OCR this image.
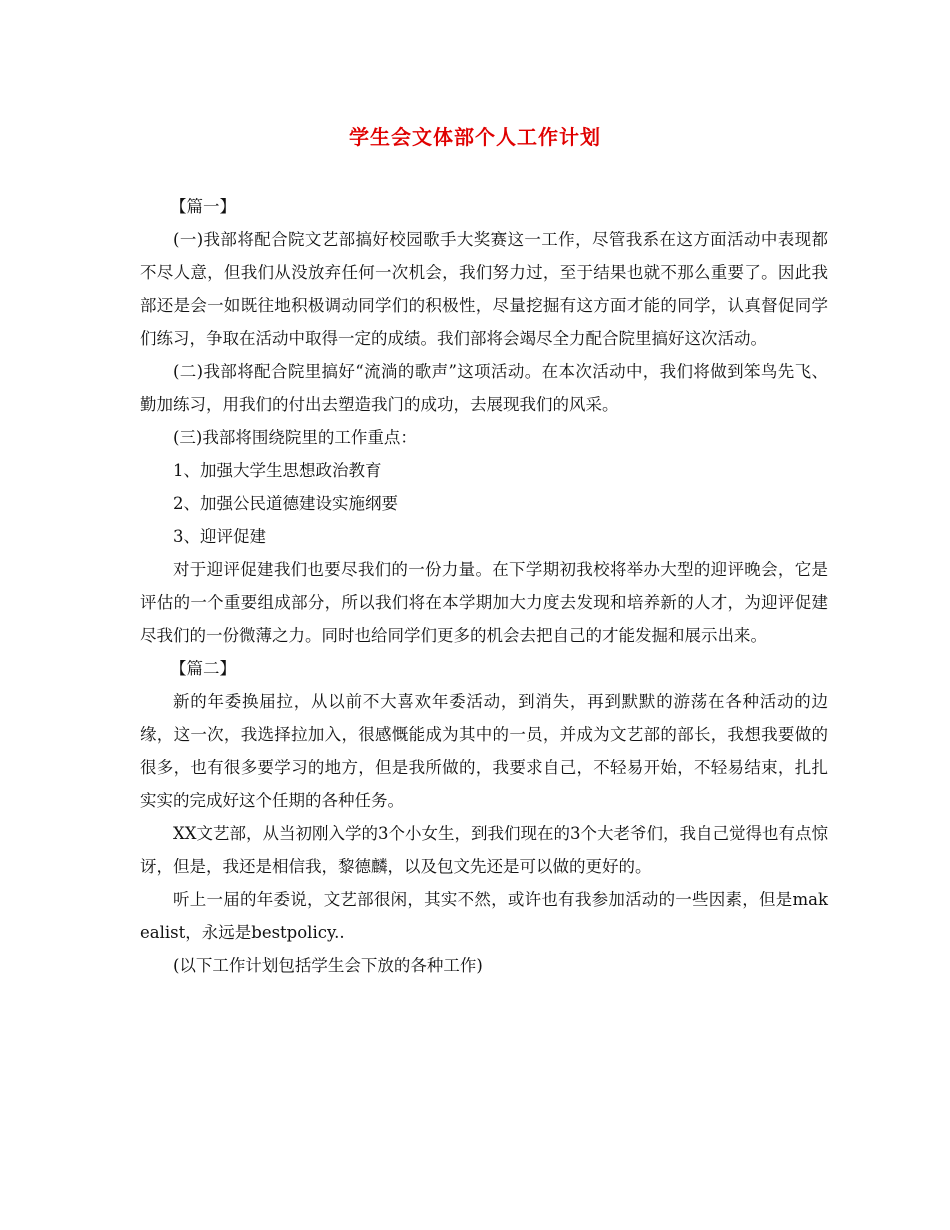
学生会文体部个人工作计划

【篇一】

(一)我部将配合院文艺部搞好校园歌手大奖赛这一工作，尽管我系在这方面活动中表现都不尽人意，但我们从没放弃任何一次机会，我们努力过，至于结果也就不那么重要了。因此我部还是会一如既往地积极调动同学们的积极性，尽量挖掘有这方面才能的同学，认真督促同学们练习，争取在活动中取得一定的成绩。我们部将会竭尽全力配合院里搞好这次活动。

(二)我部将配合院里搞好“流淌的歌声”这项活动。在本次活动中，我们将做到笨鸟先飞、勤加练习，用我们的付出去塑造我门的成功，去展现我们的风采。

(三)我部将围绕院里的工作重点：

1、加强大学生思想政治教育

2、加强公民道德建设实施纲要

3、迎评促建

对于迎评促建我们也要尽我们的一份力量。在下学期初我校将举办大型的迎评晚会，它是评估的一个重要组成部分，所以我们将在本学期加大力度去发现和培养新的人才，为迎评促建尽我们的一份微薄之力。同时也给同学们更多的机会去把自己的才能发掘和展示出来。

【篇二】

新的年委换届拉，从以前不大喜欢年委活动，到消失，再到默默的游荡在各种活动的边缘，这一次，我选择拉加入，很感慨能成为其中的一员，并成为文艺部的部长，我想我要做的很多，也有很多要学习的地方，但是我所做的，我要求自己，不轻易开始，不轻易结束，扎扎实实的完成好这个任期的各种任务。

XX文艺部，从当初刚入学的3个小女生，到我们现在的3个大老爷们，我自己觉得也有点惊讶，但是，我还是相信我，黎德麟，以及包文先还是可以做的更好的。

听上一届的年委说，文艺部很闲，其实不然，或许也有我参加活动的一些因素，但是makealist，永远是bestpolicy..

(以下工作计划包括学生会下放的各种工作)
